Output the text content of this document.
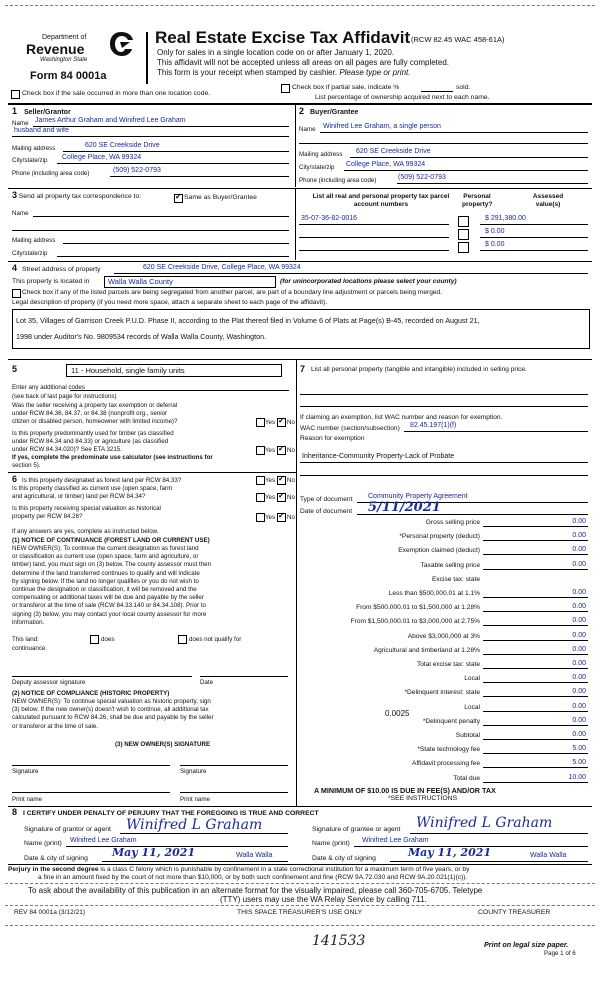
Department of
Revenue
Washington State
Form 84 0001a
Real Estate Excise Tax Affidavit (RCW 82.45 WAC 458-61A)
Only for sales in a single location code on or after January 1, 2020.
This affidavit will not be accepted unless all areas on all pages are fully completed.
This form is your receipt when stamped by cashier. Please type or print.
Check box if the sale occurred in more than one location code.
Check box if partial sale, indicate %	sold.
List percentage of ownership acquired next to each name.
1 Seller/Grantor
Name James Arthur Graham and Winifred Lee Graham
husband and wife
Mailing address	620 SE Creekside Drive
City/state/zip College Place, WA 99324
Phone (including area code)	(509) 522-0793
2 Buyer/Grantee
Name Winifred Lee Graham, a single person
Mailing address 620 SE Creekside Drive
City/state/zip College Place, WA 99324
Phone (including area code)	(509) 522-0793
3 Send all property tax correspondence to: ✓	Same as Buyer/Grantee
Name
Mailing address
City/state/zip
List all real and personal property tax parcel account numbers
Personal property?
Assessed value(s)
35-07-36-82-0016	$ 291,380.00
$ 0.00
$ 0.00
4 Street address of property	620 SE Creekside Drive, College Place, WA 99324
This property is located in Walla Walla County	(for unincorporated locations please select your county)
Check box if any of the listed parcels are being segregated from another parcel, are part of a boundary line adjustment or parcels being merged.
Legal description of property (if you need more space, attach a separate sheet to each page of the affidavit).
Lot 35, Villages of Garrison Creek P.U.D. Phase II, according to the Plat thereof filed in Volume 6 of Plats at Page(s) B-45, recorded on August 21,
1998 under Auditor's No. 9809534 records of Walla Walla County, Washington.
5	11 - Household, single family units
Enter any additional codes
(see back of last page for instructions)
Was the seller receiving a property tax exemption or deferral
under RCW 84.36, 84.37, or 84.38 (nonprofit org., senior
citizen or disabled person, homeowner with limited income)?	Yes ✓ No
Is this property predominantly used for timber (as classified
under RCW 84.34 and 84.33) or agriculture (as classified
under RCW 84.34.020)? See ETA 3215.	Yes ✓ No
If yes, complete the predominate use calculator (see instructions for
section 5).
6 Is this property designated as forest land per RCW 84.33?	Yes ✓ No
Is this property classified as current use (open space, farm
and agricultural, or timber) land per RCW 84.34?	Yes ✓ No
Is this property receiving special valuation as historical
property per RCW 84.26?	Yes ✓ No
If any answers are yes, complete as instructed below.
(1) NOTICE OF CONTINUANCE (FOREST LAND OR CURRENT USE)
NEW OWNER(S): To continue the current designation as forest land
or classification as current use (open space, farm and agriculture, or
timber) land, you must sign on (3) below. The county assessor must then
determine if the land transferred continues to qualify and will indicate
by signing below. If the land no longer qualifies or you do not wish to
continue the designation or classification, it will be removed and the
compensating or additional taxes will be due and payable by the seller
or transferor at the time of sale (RCW 84.33.140 or 84.34.108). Prior to
signing (3) below, you may contact your local county assessor for more
information.
This land:	does	does not qualify for
continuance.
Deputy assessor signature	Date
(2) NOTICE OF COMPLIANCE (HISTORIC PROPERTY)
NEW OWNER(S): To continue special valuation as historic property, sign
(3) below. If the new owner(s) doesn't wish to continue, all additional tax
calculated pursuant to RCW 84.26, shall be due and payable by the seller
or transferor at the time of sale.
(3) NEW OWNER(S) SIGNATURE
Signature	Signature
Print name	Print name
7 List all personal property (tangible and intangible) included in selling price.
If claiming an exemption, list WAC number and reason for exemption.
WAC number (section/subsection) 82.45.197(1)(f)
Reason for exemption
Inheritance-Community Property-Lack of Probate
Type of document Community Property Agreement
Date of document 5/11/2021
Gross selling price	0.00
*Personal property (deduct)	0.00
Exemption claimed (deduct)	0.00
Taxable selling price	0.00
Excise tax: state
Less than $500,000.01 at 1.1%	0.00
From $500,000.01 to $1,500,000 at 1.28%	0.00
From $1,500,000.01 to $3,000,000 at 2.75%	0.00
Above $3,000,000 at 3%	0.00
Agricultural and timberland at 1.28%	0.00
Total excise tax: state	0.00
Local	0.00
*Delinquent interest: state	0.00
Local	0.00
*Delinquent penalty	0.00
Subtotal	0.00
*State technology fee	5.00
Affidavit processing fee	5.00
Total due	10.00
0.0025
A MINIMUM OF $10.00 IS DUE IN FEE(S) AND/OR TAX
*SEE INSTRUCTIONS
8 I CERTIFY UNDER PENALTY OF PERJURY THAT THE FOREGOING IS TRUE AND CORRECT
Signature of grantor or agent Winifred L Graham
Name (print) Winifred Lee Graham
Date & city of signing May 11, 2021	Walla Walla
Signature of grantee or agent Winifred L Graham
Name (print) Winifred Lee Graham
Date & city of signing	May 11, 2021	Walla Walla
Perjury in the second degree is a class C felony which is punishable by confinement in a state correctional institution for a maximum term of five years, or by
a fine in an amount fixed by the court of not more than $10,000, or by both such confinement and fine (RCW 9A.72.030 and RCW 9A.20.021(1)(c)).
To ask about the availability of this publication in an alternate format for the visually impaired, please call 360-705-6705. Teletype
(TTY) users may use the WA Relay Service by calling 711.
REV 84 0001a (3/12/21)	THIS SPACE TREASURER'S USE ONLY	COUNTY TREASURER
141533	Print on legal size paper.
Page 1 of 6
